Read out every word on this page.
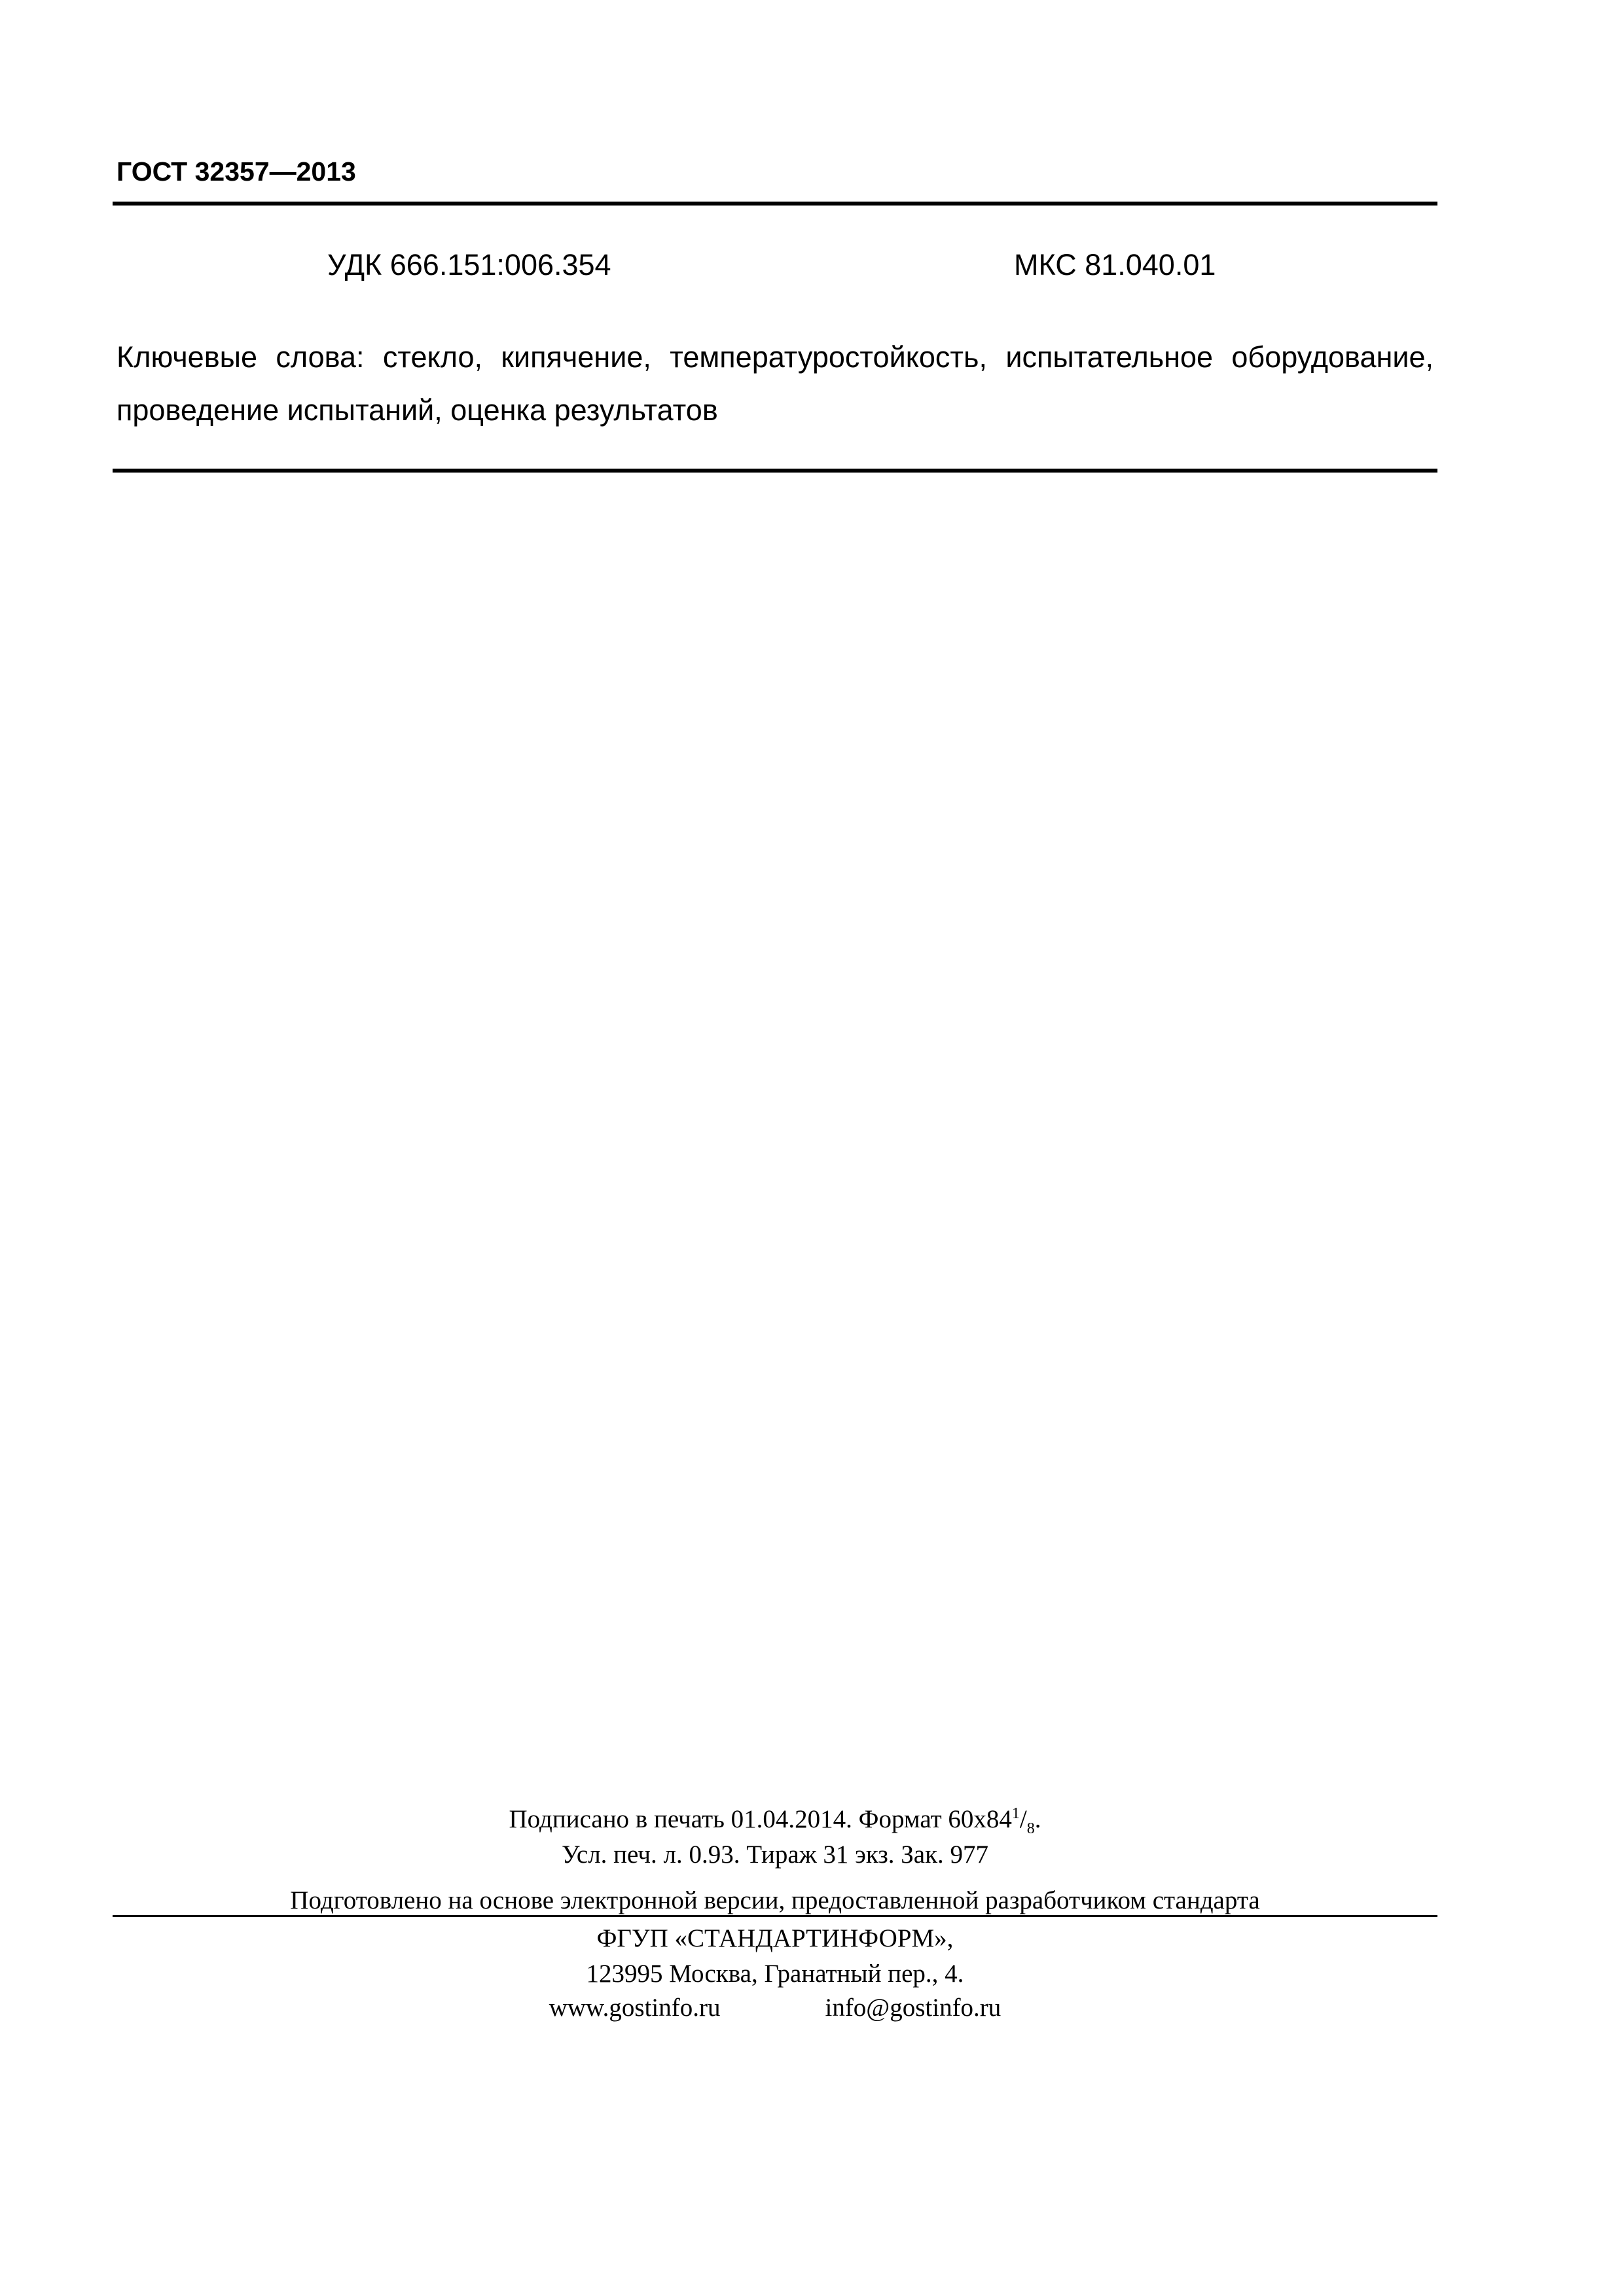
ГОСТ 32357—2013
УДК 666.151:006.354	МКС 81.040.01
Ключевые слова: стекло, кипячение, температуростойкость, испытательное оборудование, проведение испытаний, оценка результатов
Подписано в печать 01.04.2014. Формат $60x84^1/_8$.
Усл. печ. л. 0.93. Тираж 31 экз. Зак. 977
Подготовлено на основе электронной версии, предоставленной разработчиком стандарта
ФГУП «СТАНДАРТИНФОРМ»,
123995 Москва, Гранатный пер., 4.
www.gostinfo.ru	info@gostinfo.ru
